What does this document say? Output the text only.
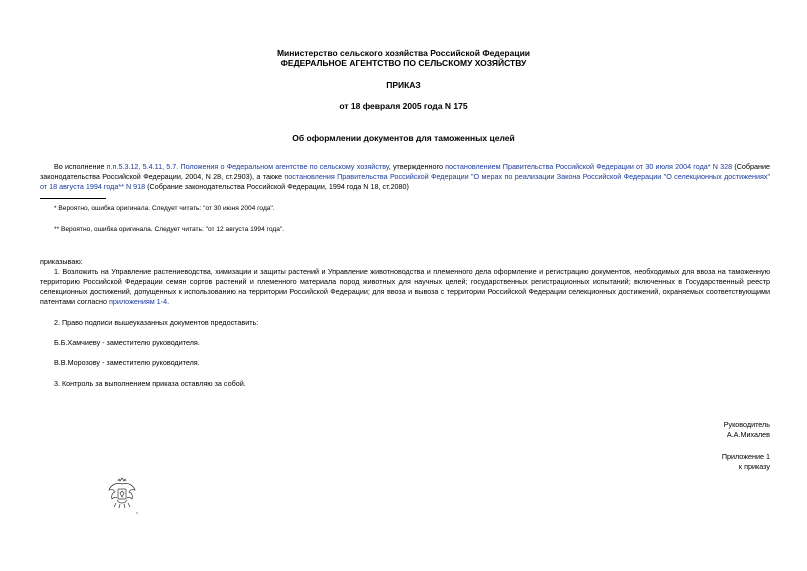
Министерство сельского хозяйства Российской Федерации
ФЕДЕРАЛЬНОЕ АГЕНТСТВО ПО СЕЛЬСКОМУ ХОЗЯЙСТВУ
ПРИКАЗ
от 18 февраля 2005 года N 175
Об оформлении документов для таможенных целей
Во исполнение п.п.5.3.12, 5.4.11, 5.7. Положения о Федеральном агентстве по сельскому хозяйству, утвержденного постановлением Правительства Российской Федерации от 30 июля 2004 года* N 328 (Собрание законодательства Российской Федерации, 2004, N 28, ст.2903), а также постановления Правительства Российской Федерации "О мерах по реализации Закона Российской Федерации "О селекционных достижениях" от 18 августа 1994 года** N 918 (Собрание законодательства Российской Федерации, 1994 года N 18, ст.2080)
* Вероятно, ошибка оригинала. Следует читать: "от 30 июня 2004 года".
** Вероятно, ошибка оригинала. Следует читать: "от 12 августа 1994 года".
приказываю:
1. Возложить на Управление растениеводства, химизации и защиты растений и Управление животноводства и племенного дела оформление и регистрацию документов, необходимых для ввоза на таможенную территорию Российской Федерации семян сортов растений и племенного материала пород животных для научных целей; государственных регистрационных испытаний; включенных в Государственный реестр селекционных достижений, допущенных к использованию на территории Российской Федерации; для ввоза и вывоза с территории Российской Федерации селекционных достижений, охраняемых соответствующими патентами согласно приложениям 1-4.
2. Право подписи вышеуказанных документов предоставить:
Б.Б.Хамчиеву - заместителю руководителя.
В.В.Морозову - заместителю руководителя.
3. Контроль за выполнением приказа оставляю за собой.
Руководитель
А.А.Михалев
Приложение 1
к приказу
